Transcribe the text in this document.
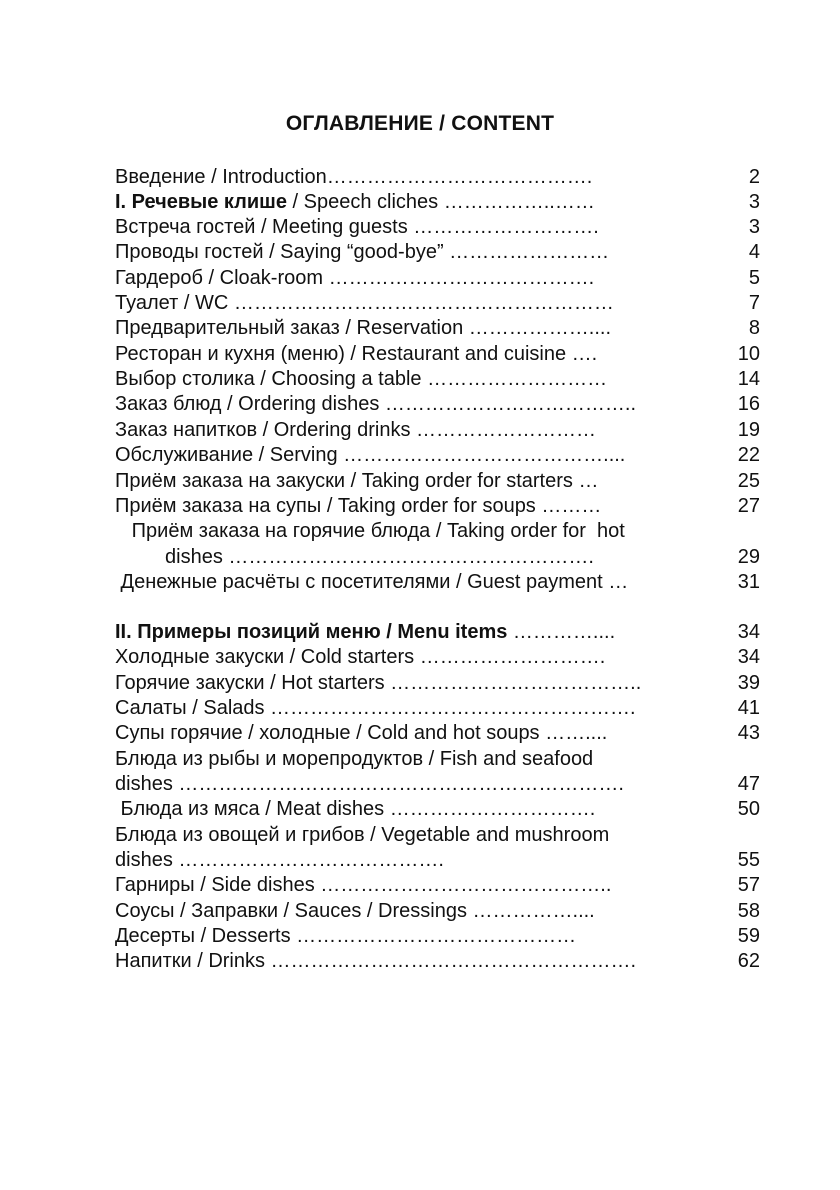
ОГЛАВЛЕНИЕ / CONTENT
Введение / Introduction………………………………….	2
I. Речевые клише / Speech cliches ……………..……	3
Встреча гостей / Meeting guests ……………………….	3
Проводы гостей / Saying “good-bye” ……………………	4
Гардероб / Cloak-room ………………………………….	5
Туалет / WC …………………………………………………	7
Предварительный заказ / Reservation ………………....	8
Ресторан и кухня (меню) / Restaurant and cuisine ….	10
Выбор столика / Choosing a table ………………………	14
Заказ блюд / Ordering dishes ………………………………..	16
Заказ напитков / Ordering drinks ………………………	19
Обслуживание / Serving …………………………………....	22
Приём заказа на закуски / Taking order for starters …	25
Приём заказа на супы / Taking order for soups ………	27
Приём заказа на горячие блюда / Taking order for  hot
dishes ……………………………………………….	29
Денежные расчёты с посетителями / Guest payment …	31
II. Примеры позиций меню / Menu items …………....	34
Холодные закуски / Cold starters ……………………….	34
Горячие закуски / Hot starters ………………………………..	39
Салаты / Salads ……………………………………………….	41
Супы горячие / холодные / Cold and hot soups ……....	43
Блюда из рыбы и морепродуктов / Fish and seafood
dishes ………………………………………………………….	47
Блюда из мяса / Meat dishes ………………………….	50
Блюда из овощей и грибов / Vegetable and mushroom
dishes ………………………………….	55
Гарниры / Side dishes ……………………………………..	57
Соусы / Заправки / Sauces / Dressings ……………....	58
Десерты / Desserts ……………………………………	59
Напитки / Drinks ……………………………………………….	62
